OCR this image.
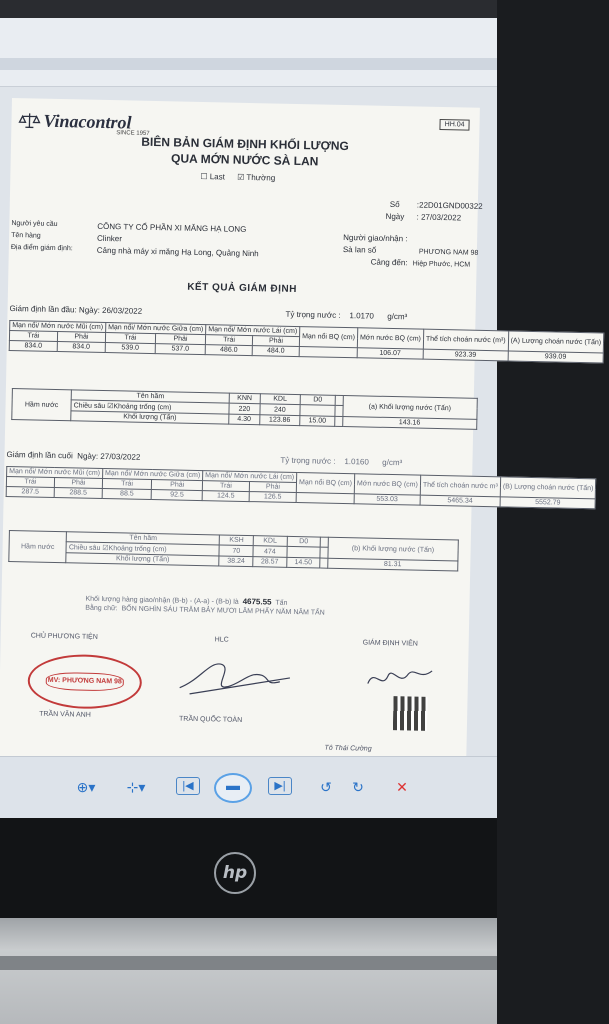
Vinacontrol
SINCE 1957
HH.04
BIÊN BẢN GIÁM ĐỊNH KHỐI LƯỢNG
QUA MỚN NƯỚC SÀ LAN
☐ Last ☑ Thường
Số :22D01GND00322
Ngày : 27/03/2022
Người yêu cầu	CÔNG TY CỔ PHẦN XI MĂNG HẠ LONG
Tên hàng	Clinker
Địa điểm giám định:	Cảng nhà máy xi măng Hạ Long, Quảng Ninh
Người giao/nhận :
Sà lan số	PHƯƠNG NAM 98
Cảng đến: Hiệp Phước, HCM
KẾT QUẢ GIÁM ĐỊNH
Giám định lần đầu: Ngày: 26/03/2022	Tỷ trọng nước : 1.0170 g/cm³
Mạn nổi/ Mớn nước Mũi (cm)		Mạn nổi/ Mớn nước Giữa (cm)		Mạn nổi/ Mớn nước Lái (cm)		Mạn nổi BQ (cm)	Mớn nước BQ (cm)	Thể tích choán nước (m³)	(A) Lượng choán nước (Tấn)
Trái	Phải	Trái	Phải	Trái	Phải				
834.0	834.0	539.0	537.0	486.0	484.0		106.07	923.39	939.09
Hầm nước	Tên hầm	KNN	KDL	D0		(a) Khối lượng nước (Tấn)
	Chiều sâu ☑Khoảng trống (cm)	220	240			
	Khối lượng (Tấn)	4.30	123.86	15.00		143.16
Giám định lần cuối Ngày: 27/03/2022	Tỷ trọng nước : 1.0160 g/cm³
Mạn nổi/ Mớn nước Mũi (cm)		Mạn nổi/ Mớn nước Giữa (cm)		Mạn nổi/ Mớn nước Lái (cm)		Mạn nổi BQ (cm)	Mớn nước BQ (cm)	Thể tích choán nước m³	(B) Lượng choán nước (Tấn)
Trái	Phải	Trái	Phải	Trái	Phải				
287.5	288.5	88.5	92.5	124.5	126.5		553.03	5465.34	5552.79
Hầm nước	Tên hầm	KSH	KDL	D0		(b) Khối lượng nước (Tấn)
	Chiều sâu ☑Khoảng trống (cm)	70	474			
	Khối lượng (Tấn)	38.24	28.57	14.50		81.31
Khối lượng hàng giao/nhận (B-b) - (A-a) - (B-b) là 4675.55 Tấn
Bằng chữ: BỐN NGHÌN SÁU TRĂM BẢY MƯƠI LĂM PHẨY NĂM NĂM TẤN
CHỦ PHƯƠNG TIỆN	HLC	GIÁM ĐỊNH VIÊN
MV: PHƯƠNG NAM 98
TRẦN VĂN ANH
TRẦN QUỐC TOÀN
Tô Thái Cường
⊕▾	⊹▾	|◀	▬	▶|	↺ ↻ ✕
hp
